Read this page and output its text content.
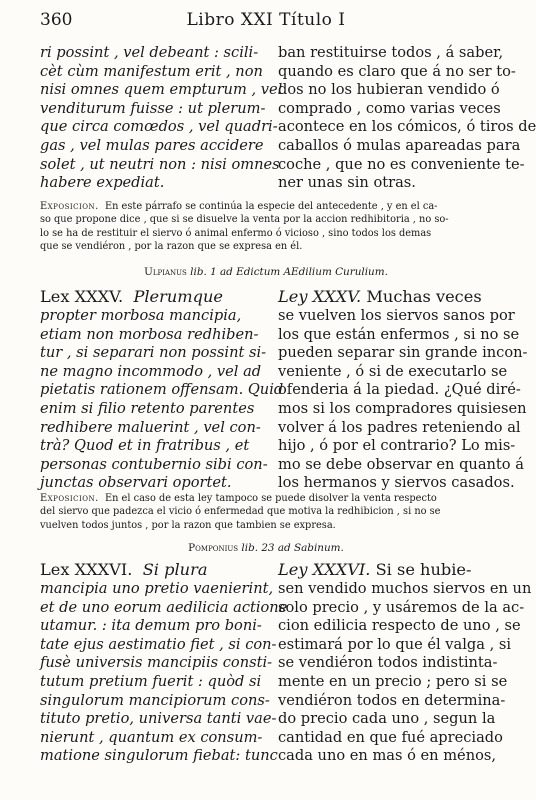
360	Libro XXI Título I
ri possint , vel debeant : scili-
cèt cùm manifestum erit , non
nisi omnes quem empturum , vel
venditurum fuisse : ut plerum-
que circa comœdos , vel quadri-
gas , vel mulas pares accidere
solet , ut neutri non : nisi omnes
habere expediat.
ban restituirse todos , á saber,
quando es claro que á no ser to-
dos no los hubieran vendido ó
comprado , como varias veces
acontece en los cómicos, ó tiros de
caballos ó mulas apareadas para
coche , que no es conveniente te-
ner unas sin otras.
Exposicion. En este párrafo se continúa la especie del antecedente , y en el ca-
so que propone dice , que si se disuelve la venta por la accion redhibitoria , no so-
lo se ha de restituir el siervo ó animal enfermo ó vicioso , sino todos los demas
que se vendiéron , por la razon que se expresa en él.
Ulpianus lib. 1 ad Edictum AEdilium Curulium.
Lex XXXV. Plerumque
propter morbosa mancipia,
etiam non morbosa redhiben-
tur , si separari non possint si-
ne magno incommodo , vel ad
pietatis rationem offensam. Quid
enim si filio retento parentes
redhibere maluerint , vel con-
trà? Quod et in fratribus , et
personas contubernio sibi con-
junctas observari oportet.
Ley XXXV. Muchas veces
se vuelven los siervos sanos por
los que están enfermos , si no se
pueden separar sin grande incon-
veniente , ó si de executarlo se
ofenderia á la piedad. ¿Qué diré-
mos si los compradores quisiesen
volver á los padres reteniendo al
hijo , ó por el contrario? Lo mis-
mo se debe observar en quanto á
los hermanos y siervos casados.
Exposicion. En el caso de esta ley tampoco se puede disolver la venta respecto
del siervo que padezca el vicio ó enfermedad que motiva la redhibicion , si no se
vuelven todos juntos , por la razon que tambien se expresa.
Pomponius lib. 23 ad Sabinum.
Lex XXXVI. Si plura
mancipia uno pretio vaenierint,
et de uno eorum aedilicia actione
utamur. : ita demum pro boni-
tate ejus aestimatio fiet , si con-
fusè universis mancipiis consti-
tutum pretium fuerit : quòd si
singulorum mancipiorum cons-
tituto pretio, universa tanti vae-
nierunt , quantum ex consum-
matione singulorum fiebat: tunc
Ley XXXVI. Si se hubie-
sen vendido muchos siervos en un
solo precio , y usáremos de la ac-
cion edilicia respecto de uno , se
estimará por lo que él valga , si
se vendiéron todos indistinta-
mente en un precio ; pero si se
vendiéron todos en determina-
do precio cada uno , segun la
cantidad en que fué apreciado
cada uno en mas ó en ménos,
